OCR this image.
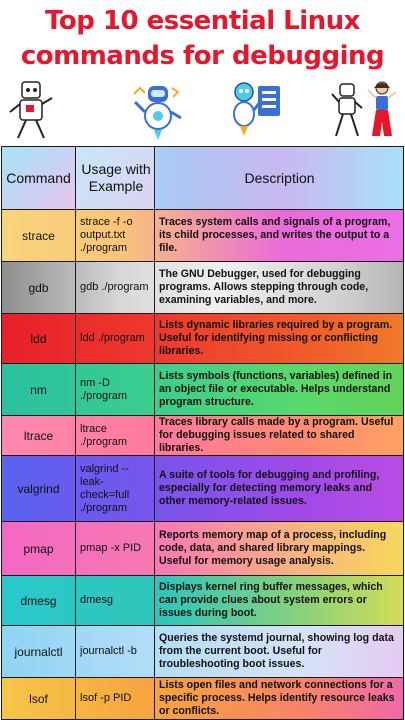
Top 10 essential Linux commands for debugging
Command	Usage with Example	Description
strace	strace -f -o output.txt ./program	Traces system calls and signals of a program, its child processes, and writes the output to a file.
gdb	gdb ./program	The GNU Debugger, used for debugging programs. Allows stepping through code, examining variables, and more.
ldd	ldd ./program	Lists dynamic libraries required by a program. Useful for identifying missing or conflicting libraries.
nm	nm -D ./program	Lists symbols (functions, variables) defined in an object file or executable. Helps understand program structure.
ltrace	ltrace ./program	Traces library calls made by a program. Useful for debugging issues related to shared libraries.
valgrind	valgrind --leak-check=full ./program	A suite of tools for debugging and profiling, especially for detecting memory leaks and other memory-related issues.
pmap	pmap -x PID	Reports memory map of a process, including code, data, and shared library mappings. Useful for memory usage analysis.
dmesg	dmesg	Displays kernel ring buffer messages, which can provide clues about system errors or issues during boot.
journalctl	journalctl -b	Queries the systemd journal, showing log data from the current boot. Useful for troubleshooting boot issues.
lsof	lsof -p PID	Lists open files and network connections for a specific process. Helps identify resource leaks or conflicts.
